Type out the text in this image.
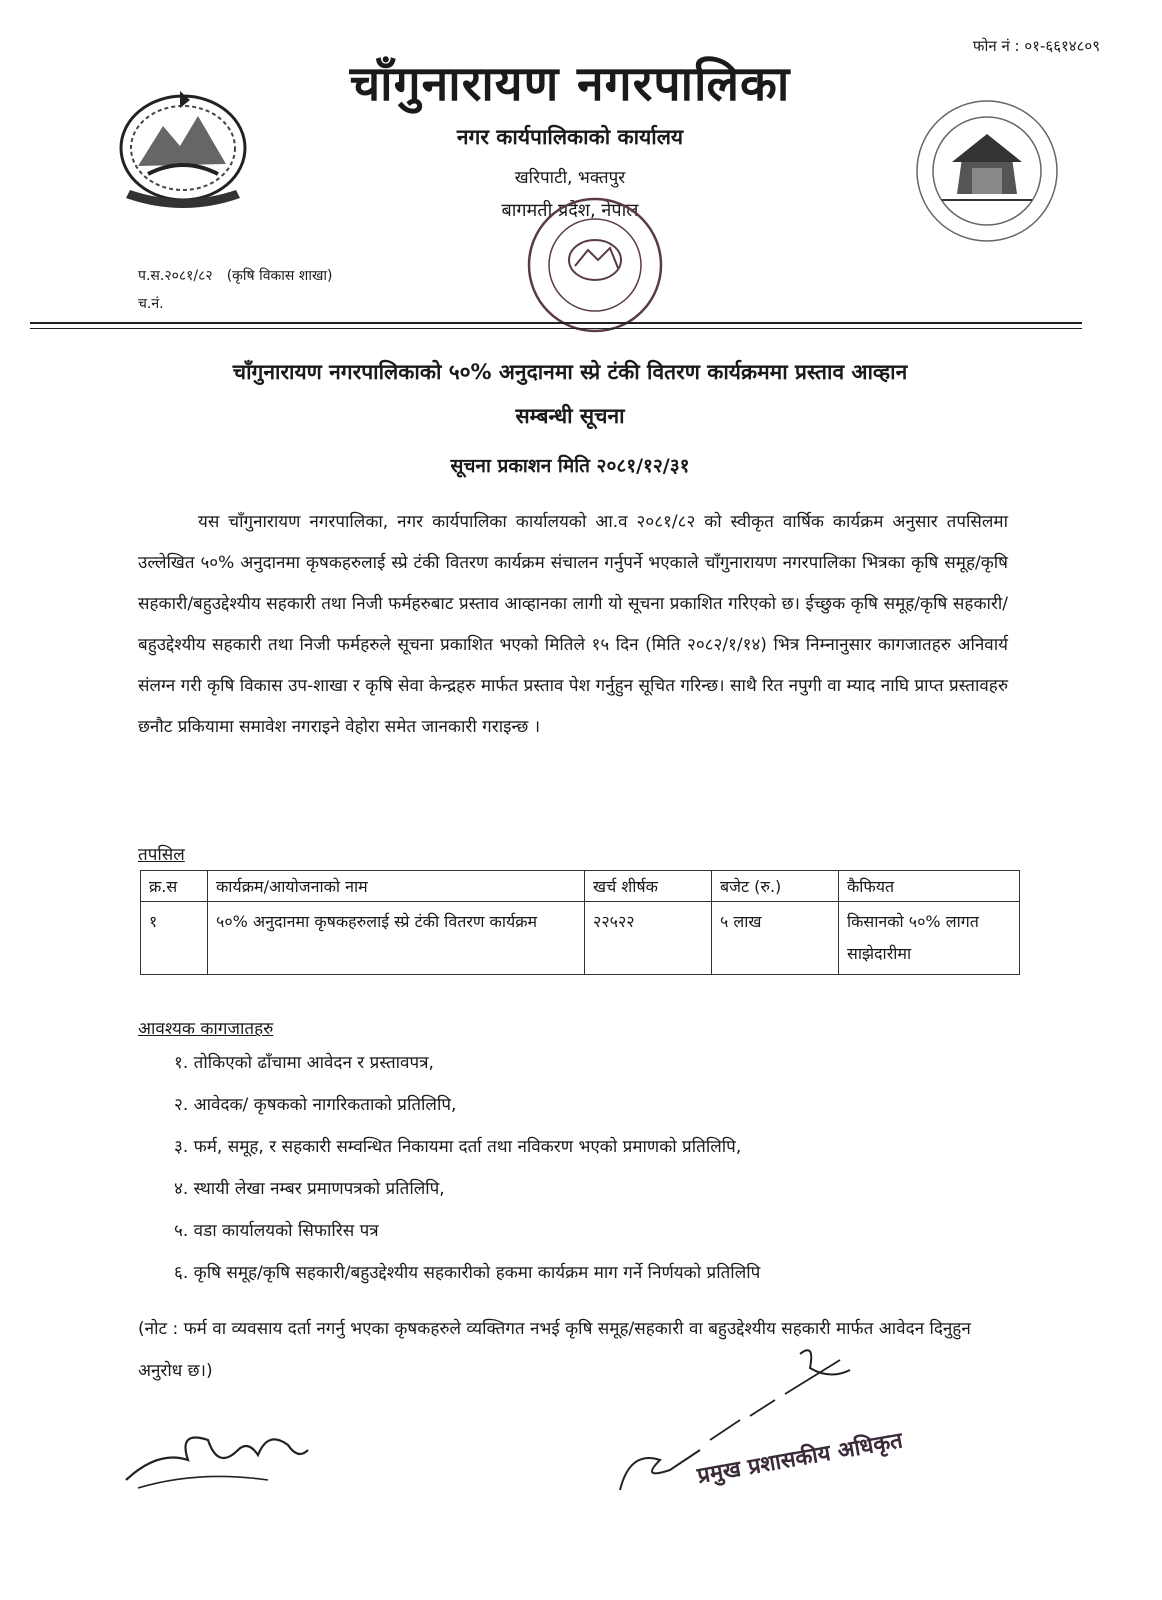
फोन नं : ०१-६६१४८०९
चाँगुनारायण नगरपालिका
नगर कार्यपालिकाको कार्यालय
खरिपाटी, भक्तपुर
बागमती प्रदेश, नेपाल
प.स.२०८१/८२ (कृषि विकास शाखा)
च.नं.
चाँगुनारायण नगरपालिकाको ५०% अनुदानमा स्प्रे टंकी वितरण कार्यक्रममा प्रस्ताव आव्हान
सम्बन्धी सूचना
सूचना प्रकाशन मिति २०८१/१२/३१

यस चाँगुनारायण नगरपालिका, नगर कार्यपालिका कार्यालयको आ.व २०८१/८२ को स्वीकृत वार्षिक कार्यक्रम अनुसार तपसिलमा उल्लेखित ५०% अनुदानमा कृषकहरुलाई स्प्रे टंकी वितरण कार्यक्रम संचालन गर्नुपर्ने भएकाले चाँगुनारायण नगरपालिका भित्रका कृषि समूह/कृषि सहकारी/बहुउद्देश्यीय सहकारी तथा निजी फर्महरुबाट प्रस्ताव आव्हानका लागी यो सूचना प्रकाशित गरिएको छ। ईच्छुक कृषि समूह/कृषि सहकारी/बहुउद्देश्यीय सहकारी तथा निजी फर्महरुले सूचना प्रकाशित भएको मितिले १५ दिन (मिति २०८२/१/१४) भित्र निम्नानुसार कागजातहरु अनिवार्य संलग्न गरी कृषि विकास उप-शाखा र कृषि सेवा केन्द्रहरु मार्फत प्रस्ताव पेश गर्नुहुन सूचित गरिन्छ। साथै रित नपुगी वा म्याद नाघि प्राप्त प्रस्तावहरु छनौट प्रकियामा समावेश नगराइने वेहोरा समेत जानकारी गराइन्छ ।

तपसिल
क्र.स	कार्यक्रम/आयोजनाको नाम	खर्च शीर्षक	बजेट (रु.)	कैफियत
१	५०% अनुदानमा कृषकहरुलाई स्प्रे टंकी वितरण कार्यक्रम	२२५२२	५ लाख	किसानको ५०% लागत साझेदारीमा
आवश्यक कागजातहरु
१. तोकिएको ढाँचामा आवेदन र प्रस्तावपत्र,
२. आवेदक/ कृषकको नागरिकताको प्रतिलिपि,
३. फर्म, समूह, र सहकारी सम्वन्धित निकायमा दर्ता तथा नविकरण भएको प्रमाणको प्रतिलिपि,
४. स्थायी लेखा नम्बर प्रमाणपत्रको प्रतिलिपि,
५. वडा कार्यालयको सिफारिस पत्र
६. कृषि समूह/कृषि सहकारी/बहुउद्देश्यीय सहकारीको हकमा कार्यक्रम माग गर्ने निर्णयको प्रतिलिपि

(नोट : फर्म वा व्यवसाय दर्ता नगर्नु भएका कृषकहरुले व्यक्तिगत नभई कृषि समूह/सहकारी वा बहुउद्देश्यीय सहकारी मार्फत आवेदन दिनुहुन अनुरोध छ।)

प्रमुख प्रशासकीय अधिकृत
